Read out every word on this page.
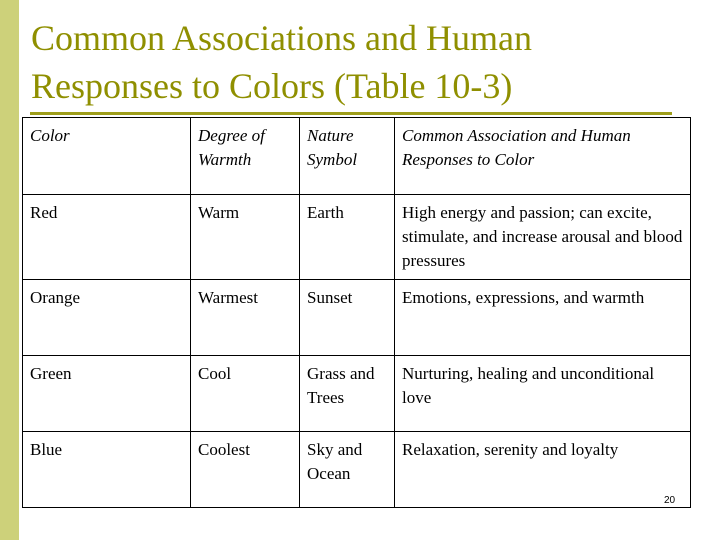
Common Associations and Human
Responses to Colors (Table 10-3)
Color	Degree of Warmth	Nature Symbol	Common Association and Human Responses to Color
Red	Warm	Earth	High energy and passion; can excite, stimulate, and increase arousal and blood pressures
Orange	Warmest	Sunset	Emotions, expressions, and warmth
Green	Cool	Grass and Trees	Nurturing, healing and unconditional love
Blue	Coolest	Sky and Ocean	Relaxation, serenity and loyalty
20
